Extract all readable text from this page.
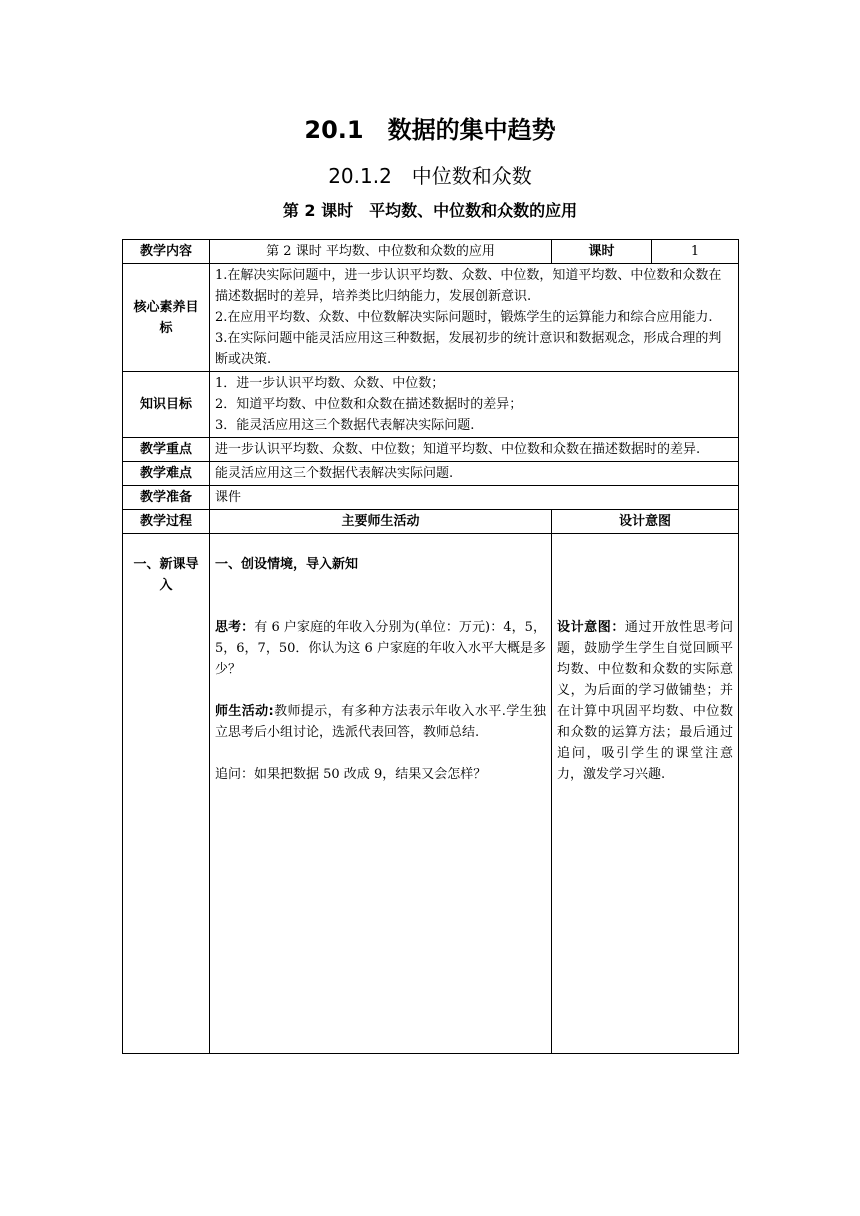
20.1　数据的集中趋势
20.1.2　中位数和众数
第 2 课时　平均数、中位数和众数的应用
教学内容	第 2 课时 平均数、中位数和众数的应用	课时	1
核心素养目标	1.在解决实际问题中，进一步认识平均数、众数、中位数，知道平均数、中位数和众数在描述数据时的差异，培养类比归纳能力，发展创新意识.

2.在应用平均数、众数、中位数解决实际问题时，锻炼学生的运算能力和综合应用能力.

3.在实际问题中能灵活应用这三种数据，发展初步的统计意识和数据观念，形成合理的判断或决策.		

知识目标	1．进一步认识平均数、众数、中位数；

2．知道平均数、中位数和众数在描述数据时的差异；

3．能灵活应用这三个数据代表解决实际问题.		

教学重点	进一步认识平均数、众数、中位数；知道平均数、中位数和众数在描述数据时的差异.		
教学难点	能灵活应用这三个数据代表解决实际问题.		
教学准备	课件		
教学过程	主要师生活动	设计意图	
一、新课导入	一、创设情境，导入新知

思考：有 6 户家庭的年收入分别为(单位：万元)：4，5，5，6，7，50．你认为这 6 户家庭的年收入水平大概是多少？

师生活动:教师提示，有多种方法表示年收入水平.学生独立思考后小组讨论，选派代表回答，教师总结.

追问：如果把数据 50 改成 9，结果又会怎样？	设计意图：通过开放性思考问题，鼓励学生学生自觉回顾平均数、中位数和众数的实际意义，为后面的学习做铺垫；并在计算中巩固平均数、中位数和众数的运算方法；最后通过追问，吸引学生的课堂注意力，激发学习兴趣.	
